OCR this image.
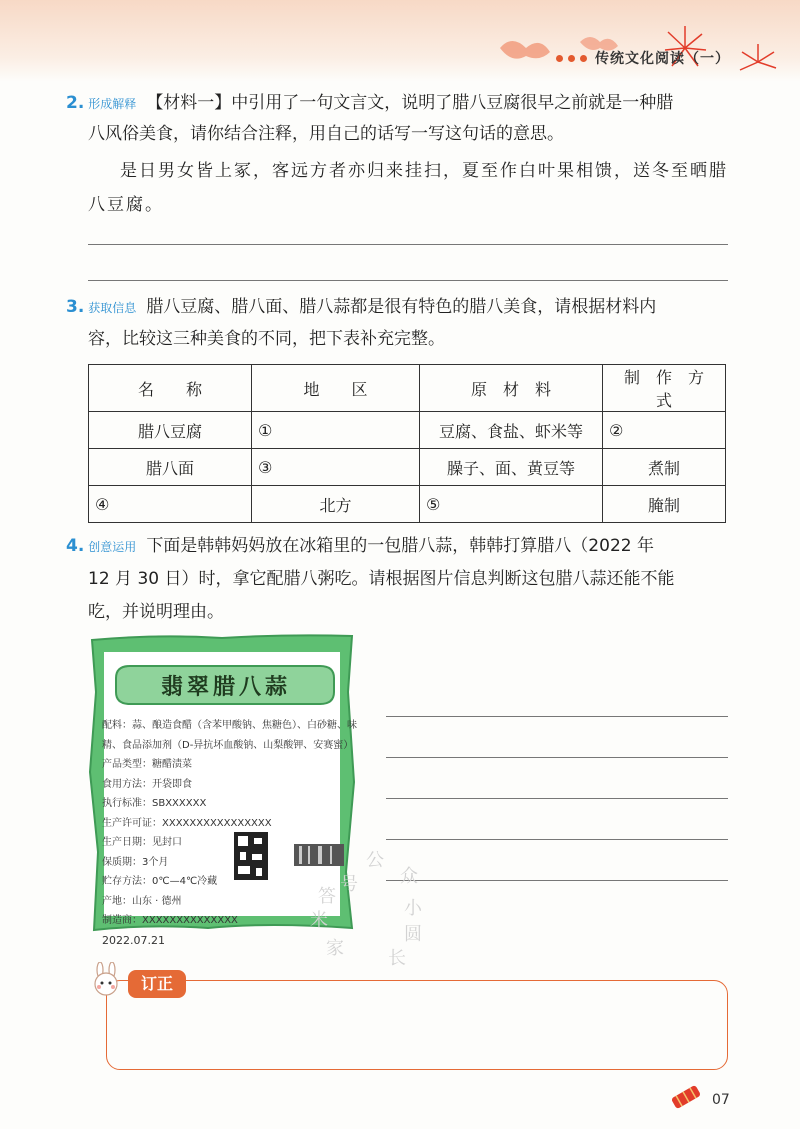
传统文化阅读（一）
2. 形成解释 【材料一】中引用了一句文言文，说明了腊八豆腐很早之前就是一种腊
八风俗美食，请你结合注释，用自己的话写一写这句话的意思。
是日男女皆上冢，客远方者亦归来挂扫，夏至作白叶果相馈，送冬至晒腊
八豆腐。
3. 获取信息 腊八豆腐、腊八面、腊八蒜都是很有特色的腊八美食，请根据材料内
容，比较这三种美食的不同，把下表补充完整。
名　　称	地　　区	原　材　料	制　作　方　式
腊八豆腐	①	豆腐、食盐、虾米等	②
腊八面	③	臊子、面、黄豆等	煮制
④	北方	⑤	腌制
4. 创意运用 下面是韩韩妈妈放在冰箱里的一包腊八蒜，韩韩打算腊八（2022 年
12 月 30 日）时，拿它配腊八粥吃。请根据图片信息判断这包腊八蒜还能不能
吃，并说明理由。
翡翠腊八蒜
配料：蒜、酿造食醋（含苯甲酸钠、焦糖色）、白砂糖、味
精、食品添加剂（D-异抗坏血酸钠、山梨酸钾、安赛蜜）
产品类型：糖醋渍菜
食用方法：开袋即食
执行标准：SBXXXXXX
生产许可证：XXXXXXXXXXXXXXXX
生产日期：见封口
保质期：3个月
贮存方法：0℃—4℃冷藏
产地：山东 · 德州
制造商：XXXXXXXXXXXXXX
2022.07.21
公
众
号
小
圆
米
家 长
答
订正
07
